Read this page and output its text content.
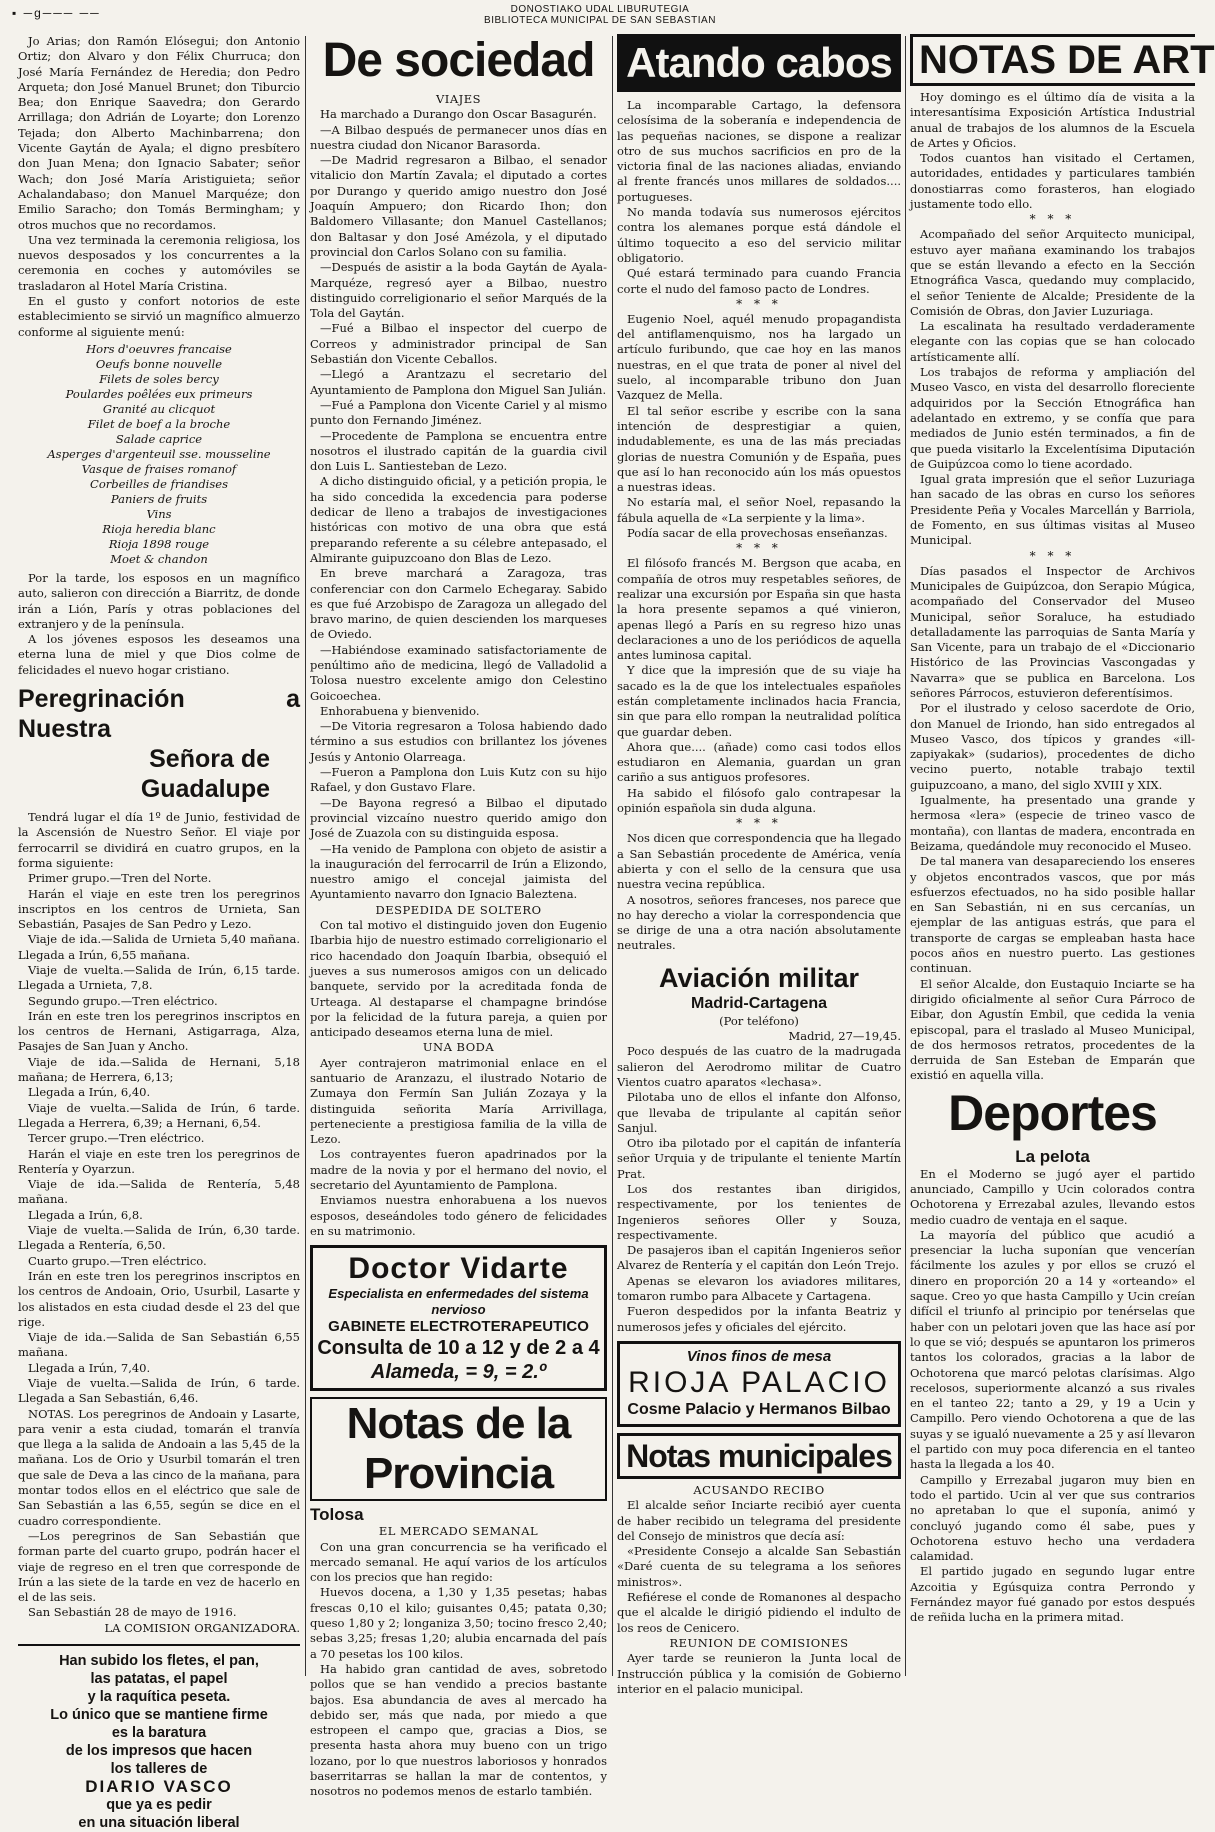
DONOSTIAKO UDAL LIBURUTEGIA
BIBLIOTECA MUNICIPAL DE SAN SEBASTIAN
▪ ─g─── ──

Jo Arias; don Ramón Elósegui; don Antonio Ortiz; don Alvaro y don Félix Churruca; don José María Fernández de Heredia; don Pedro Arqueta; don José Manuel Brunet; don Tiburcio Bea; don Enrique Saavedra; don Gerardo Arrillaga; don Adrián de Loyarte; don Lorenzo Tejada; don Alberto Machinbarrena; don Vicente Gaytán de Ayala; el digno presbítero don Juan Mena; don Ignacio Sabater; señor Wach; don José María Aristiguieta; señor Achalandabaso; don Manuel Marquéze; don Emilio Saracho; don Tomás Bermingham; y otros muchos que no recordamos.

Una vez terminada la ceremonia religiosa, los nuevos desposados y los concurrentes a la ceremonia en coches y automóviles se trasladaron al Hotel María Cristina.

En el gusto y confort notorios de este establecimiento se sirvió un magnífico almuerzo conforme al siguiente menú:

Hors d'oeuvres francaise
Oeufs bonne nouvelle
Filets de soles bercy
Poulardes poêlées eux primeurs
Granité au clicquot
Filet de boef a la broche
Salade caprice
Asperges d'argenteuil sse. mousseline
Vasque de fraises romanof
Corbeilles de friandises
Paniers de fruits
Vins
Rioja heredia blanc
Rioja 1898 rouge
Moet & chandon

Por la tarde, los esposos en un magnífico auto, salieron con dirección a Biarritz, de donde irán a Lión, París y otras poblaciones del extranjero y de la península.

A los jóvenes esposos les deseamos una eterna luna de miel y que Dios colme de felicidades el nuevo hogar cristiano.

Peregrinación a Nuestra
Señora de Guadalupe

Tendrá lugar el día 1º de Junio, festividad de la Ascensión de Nuestro Señor. El viaje por ferrocarril se dividirá en cuatro grupos, en la forma siguiente:

Primer grupo.—Tren del Norte.

Harán el viaje en este tren los peregrinos inscriptos en los centros de Urnieta, San Sebastián, Pasajes de San Pedro y Lezo.

Viaje de ida.—Salida de Urnieta 5,40 mañana. Llegada a Irún, 6,55 mañana.

Viaje de vuelta.—Salida de Irún, 6,15 tarde. Llegada a Urnieta, 7,8.

Segundo grupo.—Tren eléctrico.

Irán en este tren los peregrinos inscriptos en los centros de Hernani, Astigarraga, Alza, Pasajes de San Juan y Ancho.

Viaje de ida.—Salida de Hernani, 5,18 mañana; de Herrera, 6,13;

Llegada a Irún, 6,40.

Viaje de vuelta.—Salida de Irún, 6 tarde. Llegada a Herrera, 6,39; a Hernani, 6,54.

Tercer grupo.—Tren eléctrico.

Harán el viaje en este tren los peregrinos de Rentería y Oyarzun.

Viaje de ida.—Salida de Rentería, 5,48 mañana.

Llegada a Irún, 6,8.

Viaje de vuelta.—Salida de Irún, 6,30 tarde. Llegada a Rentería, 6,50.

Cuarto grupo.—Tren eléctrico.

Irán en este tren los peregrinos inscriptos en los centros de Andoain, Orio, Usurbil, Lasarte y los alistados en esta ciudad desde el 23 del que rige.

Viaje de ida.—Salida de San Sebastián 6,55 mañana.

Llegada a Irún, 7,40.

Viaje de vuelta.—Salida de Irún, 6 tarde. Llegada a San Sebastián, 6,46.

NOTAS. Los peregrinos de Andoain y Lasarte, para venir a esta ciudad, tomarán el tranvía que llega a la salida de Andoain a las 5,45 de la mañana. Los de Orio y Usurbil tomarán el tren que sale de Deva a las cinco de la mañana, para montar todos ellos en el eléctrico que sale de San Sebastián a las 6,55, según se dice en el cuadro correspondiente.

—Los peregrinos de San Sebastián que forman parte del cuarto grupo, podrán hacer el viaje de regreso en el tren que corresponde de Irún a las siete de la tarde en vez de hacerlo en el de las seis.

San Sebastián 28 de mayo de 1916.

LA COMISION ORGANIZADORA.

Han subido los fletes, el pan,
las patatas, el papel
y la raquítica peseta.
Lo único que se mantiene firme
es la baratura
de los impresos que hacen
los talleres de
DIARIO VASCO
que ya es pedir
en una situación liberal
De sociedad
VIAJES

Ha marchado a Durango don Oscar Basagurén.

—A Bilbao después de permanecer unos días en nuestra ciudad don Nicanor Barasorda.

—De Madrid regresaron a Bilbao, el senador vitalicio don Martín Zavala; el diputado a cortes por Durango y querido amigo nuestro don José Joaquín Ampuero; don Ricardo Ihon; don Baldomero Villasante; don Manuel Castellanos; don Baltasar y don José Amézola, y el diputado provincial don Carlos Solano con su familia.

—Después de asistir a la boda Gaytán de Ayala-Marquéze, regresó ayer a Bilbao, nuestro distinguido correligionario el señor Marqués de la Tola del Gaytán.

—Fué a Bilbao el inspector del cuerpo de Correos y administrador principal de San Sebastián don Vicente Ceballos.

—Llegó a Arantzazu el secretario del Ayuntamiento de Pamplona don Miguel San Julián.

—Fué a Pamplona don Vicente Cariel y al mismo punto don Fernando Jiménez.

—Procedente de Pamplona se encuentra entre nosotros el ilustrado capitán de la guardia civil don Luis L. Santiesteban de Lezo.

A dicho distinguido oficial, y a petición propia, le ha sido concedida la excedencia para poderse dedicar de lleno a trabajos de investigaciones históricas con motivo de una obra que está preparando referente a su célebre antepasado, el Almirante guipuzcoano don Blas de Lezo.

En breve marchará a Zaragoza, tras conferenciar con don Carmelo Echegaray. Sabido es que fué Arzobispo de Zaragoza un allegado del bravo marino, de quien descienden los marqueses de Oviedo.

—Habiéndose examinado satisfactoriamente de penúltimo año de medicina, llegó de Valladolid a Tolosa nuestro excelente amigo don Celestino Goicoechea.

Enhorabuena y bienvenido.

—De Vitoria regresaron a Tolosa habiendo dado término a sus estudios con brillantez los jóvenes Jesús y Antonio Olarreaga.

—Fueron a Pamplona don Luis Kutz con su hijo Rafael, y don Gustavo Flare.

—De Bayona regresó a Bilbao el diputado provincial vizcaíno nuestro querido amigo don José de Zuazola con su distinguida esposa.

—Ha venido de Pamplona con objeto de asistir a la inauguración del ferrocarril de Irún a Elizondo, nuestro amigo el concejal jaimista del Ayuntamiento navarro don Ignacio Baleztena.

DESPEDIDA DE SOLTERO

Con tal motivo el distinguido joven don Eugenio Ibarbia hijo de nuestro estimado correligionario el rico hacendado don Joaquín Ibarbia, obsequió el jueves a sus numerosos amigos con un delicado banquete, servido por la acreditada fonda de Urteaga. Al destaparse el champagne brindóse por la felicidad de la futura pareja, a quien por anticipado deseamos eterna luna de miel.

UNA BODA

Ayer contrajeron matrimonial enlace en el santuario de Aranzazu, el ilustrado Notario de Zumaya don Fermín San Julián Zozaya y la distinguida señorita María Arrivillaga, perteneciente a prestigiosa familia de la villa de Lezo.

Los contrayentes fueron apadrinados por la madre de la novia y por el hermano del novio, el secretario del Ayuntamiento de Pamplona.

Enviamos nuestra enhorabuena a los nuevos esposos, deseándoles todo género de felicidades en su matrimonio.

Doctor Vidarte
Especialista en enfermedades del sistema nervioso
GABINETE ELECTROTERAPEUTICO
Consulta de 10 a 12 y de 2 a 4
Alameda, = 9, = 2.º
Notas de la Provincia
Tolosa
EL MERCADO SEMANAL

Con una gran concurrencia se ha verificado el mercado semanal. He aquí varios de los artículos con los precios que han regido:

Huevos docena, a 1,30 y 1,35 pesetas; habas frescas 0,10 el kilo; guisantes 0,45; patata 0,30; queso 1,80 y 2; longaniza 3,50; tocino fresco 2,40; sebas 3,25; fresas 1,20; alubia encarnada del país a 70 pesetas los 100 kilos.

Ha habido gran cantidad de aves, sobretodo pollos que se han vendido a precios bastante bajos. Esa abundancia de aves al mercado ha debido ser, más que nada, por miedo a que estropeen el campo que, gracias a Dios, se presenta hasta ahora muy bueno con un trigo lozano, por lo que nuestros laboriosos y honrados baserritarras se hallan la mar de contentos, y nosotros no podemos menos de estarlo también.

Atando cabos

La incomparable Cartago, la defensora celosísima de la soberanía e independencia de las pequeñas naciones, se dispone a realizar otro de sus muchos sacrificios en pro de la victoria final de las naciones aliadas, enviando al frente francés unos millares de soldados.... portugueses.

No manda todavía sus numerosos ejércitos contra los alemanes porque está dándole el último toquecito a eso del servicio militar obligatorio.

Qué estará terminado para cuando Francia corte el nudo del famoso pacto de Londres.

* * *

Eugenio Noel, aquél menudo propagandista del antiflamenquismo, nos ha largado un artículo furibundo, que cae hoy en las manos nuestras, en el que trata de poner al nivel del suelo, al incomparable tribuno don Juan Vazquez de Mella.

El tal señor escribe y escribe con la sana intención de desprestigiar a quien, indudablemente, es una de las más preciadas glorias de nuestra Comunión y de España, pues que así lo han reconocido aún los más opuestos a nuestras ideas.

No estaría mal, el señor Noel, repasando la fábula aquella de «La serpiente y la lima».

Podía sacar de ella provechosas enseñanzas.

* * *

El filósofo francés M. Bergson que acaba, en compañía de otros muy respetables señores, de realizar una excursión por España sin que hasta la hora presente sepamos a qué vinieron, apenas llegó a París en su regreso hizo unas declaraciones a uno de los periódicos de aquella antes luminosa capital.

Y dice que la impresión que de su viaje ha sacado es la de que los intelectuales españoles están completamente inclinados hacia Francia, sin que para ello rompan la neutralidad política que guardar deben.

Ahora que.... (añade) como casi todos ellos estudiaron en Alemania, guardan un gran cariño a sus antiguos profesores.

Ha sabido el filósofo galo contrapesar la opinión española sin duda alguna.

* * *

Nos dicen que correspondencia que ha llegado a San Sebastián procedente de América, venía abierta y con el sello de la censura que usa nuestra vecina república.

A nosotros, señores franceses, nos parece que no hay derecho a violar la correspondencia que se dirige de una a otra nación absolutamente neutrales.

Aviación militar
Madrid-Cartagena
(Por teléfono)

Madrid, 27—19,45.

Poco después de las cuatro de la madrugada salieron del Aerodromo militar de Cuatro Vientos cuatro aparatos «lechasa».

Pilotaba uno de ellos el infante don Alfonso, que llevaba de tripulante al capitán señor Sanjul.

Otro iba pilotado por el capitán de infantería señor Urquia y de tripulante el teniente Martín Prat.

Los dos restantes iban dirigidos, respectivamente, por los tenientes de Ingenieros señores Oller y Souza, respectivamente.

De pasajeros iban el capitán Ingenieros señor Alvarez de Rentería y el capitán don León Trejo.

Apenas se elevaron los aviadores militares, tomaron rumbo para Albacete y Cartagena.

Fueron despedidos por la infanta Beatriz y numerosos jefes y oficiales del ejército.

Vinos finos de mesa
RIOJA PALACIO
Cosme Palacio y Hermanos Bilbao
Notas municipales
ACUSANDO RECIBO

El alcalde señor Inciarte recibió ayer cuenta de haber recibido un telegrama del presidente del Consejo de ministros que decía así:

«Presidente Consejo a alcalde San Sebastián «Daré cuenta de su telegrama a los señores ministros».

Refiérese el conde de Romanones al despacho que el alcalde le dirigió pidiendo el indulto de los reos de Cenicero.

REUNION DE COMISIONES

Ayer tarde se reunieron la Junta local de Instrucción pública y la comisión de Gobierno interior en el palacio municipal.

NOTAS DE ART

Hoy domingo es el último día de visita a la interesantísima Exposición Artística Industrial anual de trabajos de los alumnos de la Escuela de Artes y Oficios.

Todos cuantos han visitado el Certamen, autoridades, entidades y particulares también donostiarras como forasteros, han elogiado justamente todo ello.

* * *

Acompañado del señor Arquitecto municipal, estuvo ayer mañana examinando los trabajos que se están llevando a efecto en la Sección Etnográfica Vasca, quedando muy complacido, el señor Teniente de Alcalde; Presidente de la Comisión de Obras, don Javier Luzuriaga.

La escalinata ha resultado verdaderamente elegante con las copias que se han colocado artísticamente allí.

Los trabajos de reforma y ampliación del Museo Vasco, en vista del desarrollo floreciente adquiridos por la Sección Etnográfica han adelantado en extremo, y se confía que para mediados de Junio estén terminados, a fin de que pueda visitarlo la Excelentísima Diputación de Guipúzcoa como lo tiene acordado.

Igual grata impresión que el señor Luzuriaga han sacado de las obras en curso los señores Presidente Peña y Vocales Marcellán y Barriola, de Fomento, en sus últimas visitas al Museo Municipal.

* * *

Días pasados el Inspector de Archivos Municipales de Guipúzcoa, don Serapio Múgica, acompañado del Conservador del Museo Municipal, señor Soraluce, ha estudiado detalladamente las parroquias de Santa María y San Vicente, para un trabajo de el «Diccionario Histórico de las Provincias Vascongadas y Navarra» que se publica en Barcelona. Los señores Párrocos, estuvieron deferentísimos.

Por el ilustrado y celoso sacerdote de Orio, don Manuel de Iriondo, han sido entregados al Museo Vasco, dos típicos y grandes «ill-zapiyakak» (sudarios), procedentes de dicho vecino puerto, notable trabajo textil guipuzcoano, a mano, del siglo XVIII y XIX.

Igualmente, ha presentado una grande y hermosa «lera» (especie de trineo vasco de montaña), con llantas de madera, encontrada en Beizama, quedándole muy reconocido el Museo.

De tal manera van desapareciendo los enseres y objetos encontrados vascos, que por más esfuerzos efectuados, no ha sido posible hallar en San Sebastián, ni en sus cercanías, un ejemplar de las antiguas estrás, que para el transporte de cargas se empleaban hasta hace pocos años en nuestro puerto. Las gestiones continuan.

El señor Alcalde, don Eustaquio Inciarte se ha dirigido oficialmente al señor Cura Párroco de Eibar, don Agustín Embil, que cedida la venia episcopal, para el traslado al Museo Municipal, de dos hermosos retratos, procedentes de la derruida de San Esteban de Emparán que existió en aquella villa.

Deportes
La pelota

En el Moderno se jugó ayer el partido anunciado, Campillo y Ucin colorados contra Ochotorena y Errezabal azules, llevando estos medio cuadro de ventaja en el saque.

La mayoría del público que acudió a presenciar la lucha suponían que vencerían fácilmente los azules y por ellos se cruzó el dinero en proporción 20 a 14 y «orteando» el saque. Creo yo que hasta Campillo y Ucin creían difícil el triunfo al principio por tenérselas que haber con un pelotari joven que las hace así por lo que se vió; después se apuntaron los primeros tantos los colorados, gracias a la labor de Ochotorena que marcó pelotas clarísimas. Algo recelosos, superiormente alcanzó a sus rivales en el tanteo 22; tanto a 29, y 19 a Ucin y Campillo. Pero viendo Ochotorena a que de las suyas y se igualó nuevamente a 25 y así llevaron el partido con muy poca diferencia en el tanteo hasta la llegada a los 40.

Campillo y Errezabal jugaron muy bien en todo el partido. Ucin al ver que sus contrarios no apretaban lo que el suponía, animó y concluyó jugando como él sabe, pues y Ochotorena estuvo hecho una verdadera calamidad.

El partido jugado en segundo lugar entre Azcoitia y Egúsquiza contra Perrondo y Fernández mayor fué ganado por estos después de reñida lucha en la primera mitad.
